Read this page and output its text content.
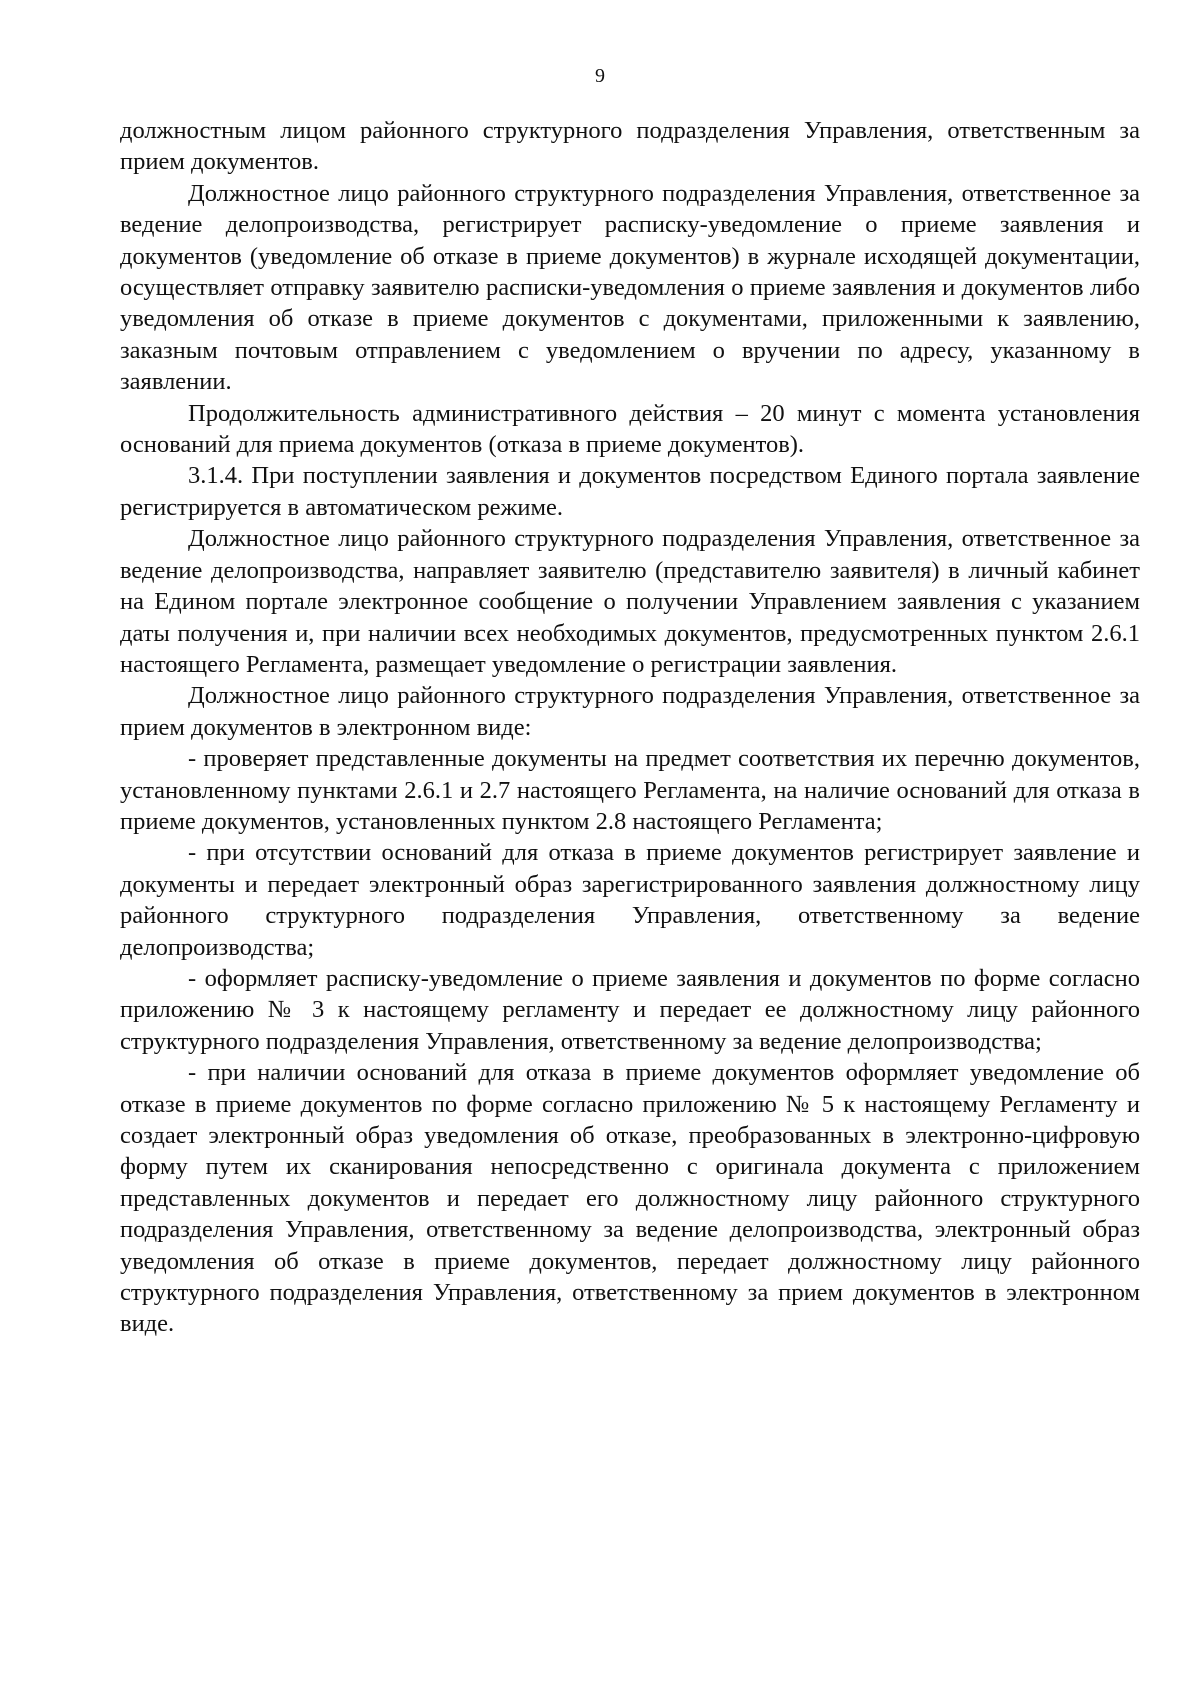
9

должностным лицом районного структурного подразделения Управления, ответственным за прием документов.

Должностное лицо районного структурного подразделения Управления, ответственное за ведение делопроизводства, регистрирует расписку-уведомление о приеме заявления и документов (уведомление об отказе в приеме документов) в журнале исходящей документации, осуществляет отправку заявителю расписки-уведомления о приеме заявления и документов либо уведомления об отказе в приеме документов с документами, приложенными к заявлению, заказным почтовым отправлением с уведомлением о вручении по адресу, указанному в заявлении.

Продолжительность административного действия – 20 минут с момента установления оснований для приема документов (отказа в приеме документов).

3.1.4. При поступлении заявления и документов посредством Единого портала заявление регистрируется в автоматическом режиме.

Должностное лицо районного структурного подразделения Управления, ответственное за ведение делопроизводства, направляет заявителю (представителю заявителя) в личный кабинет на Едином портале электронное сообщение о получении Управлением заявления с указанием даты получения и, при наличии всех необходимых документов, предусмотренных пунктом 2.6.1 настоящего Регламента, размещает уведомление о регистрации заявления.

Должностное лицо районного структурного подразделения Управления, ответственное за прием документов в электронном виде:

- проверяет представленные документы на предмет соответствия их перечню документов, установленному пунктами 2.6.1 и 2.7 настоящего Регламента, на наличие оснований для отказа в приеме документов, установленных пунктом 2.8 настоящего Регламента;

- при отсутствии оснований для отказа в приеме документов регистрирует заявление и документы и передает электронный образ зарегистрированного заявления должностному лицу районного структурного подразделения Управления, ответственному за ведение делопроизводства;

- оформляет расписку-уведомление о приеме заявления и документов по форме согласно приложению № 3 к настоящему регламенту и передает ее должностному лицу районного структурного подразделения Управления, ответственному за ведение делопроизводства;

- при наличии оснований для отказа в приеме документов оформляет уведомление об отказе в приеме документов по форме согласно приложению № 5 к настоящему Регламенту и создает электронный образ уведомления об отказе, преобразованных в электронно-цифровую форму путем их сканирования непосредственно с оригинала документа с приложением представленных документов и передает его должностному лицу районного структурного подразделения Управления, ответственному за ведение делопроизводства, электронный образ уведомления об отказе в приеме документов, передает должностному лицу районного структурного подразделения Управления, ответственному за прием документов в электронном виде.
